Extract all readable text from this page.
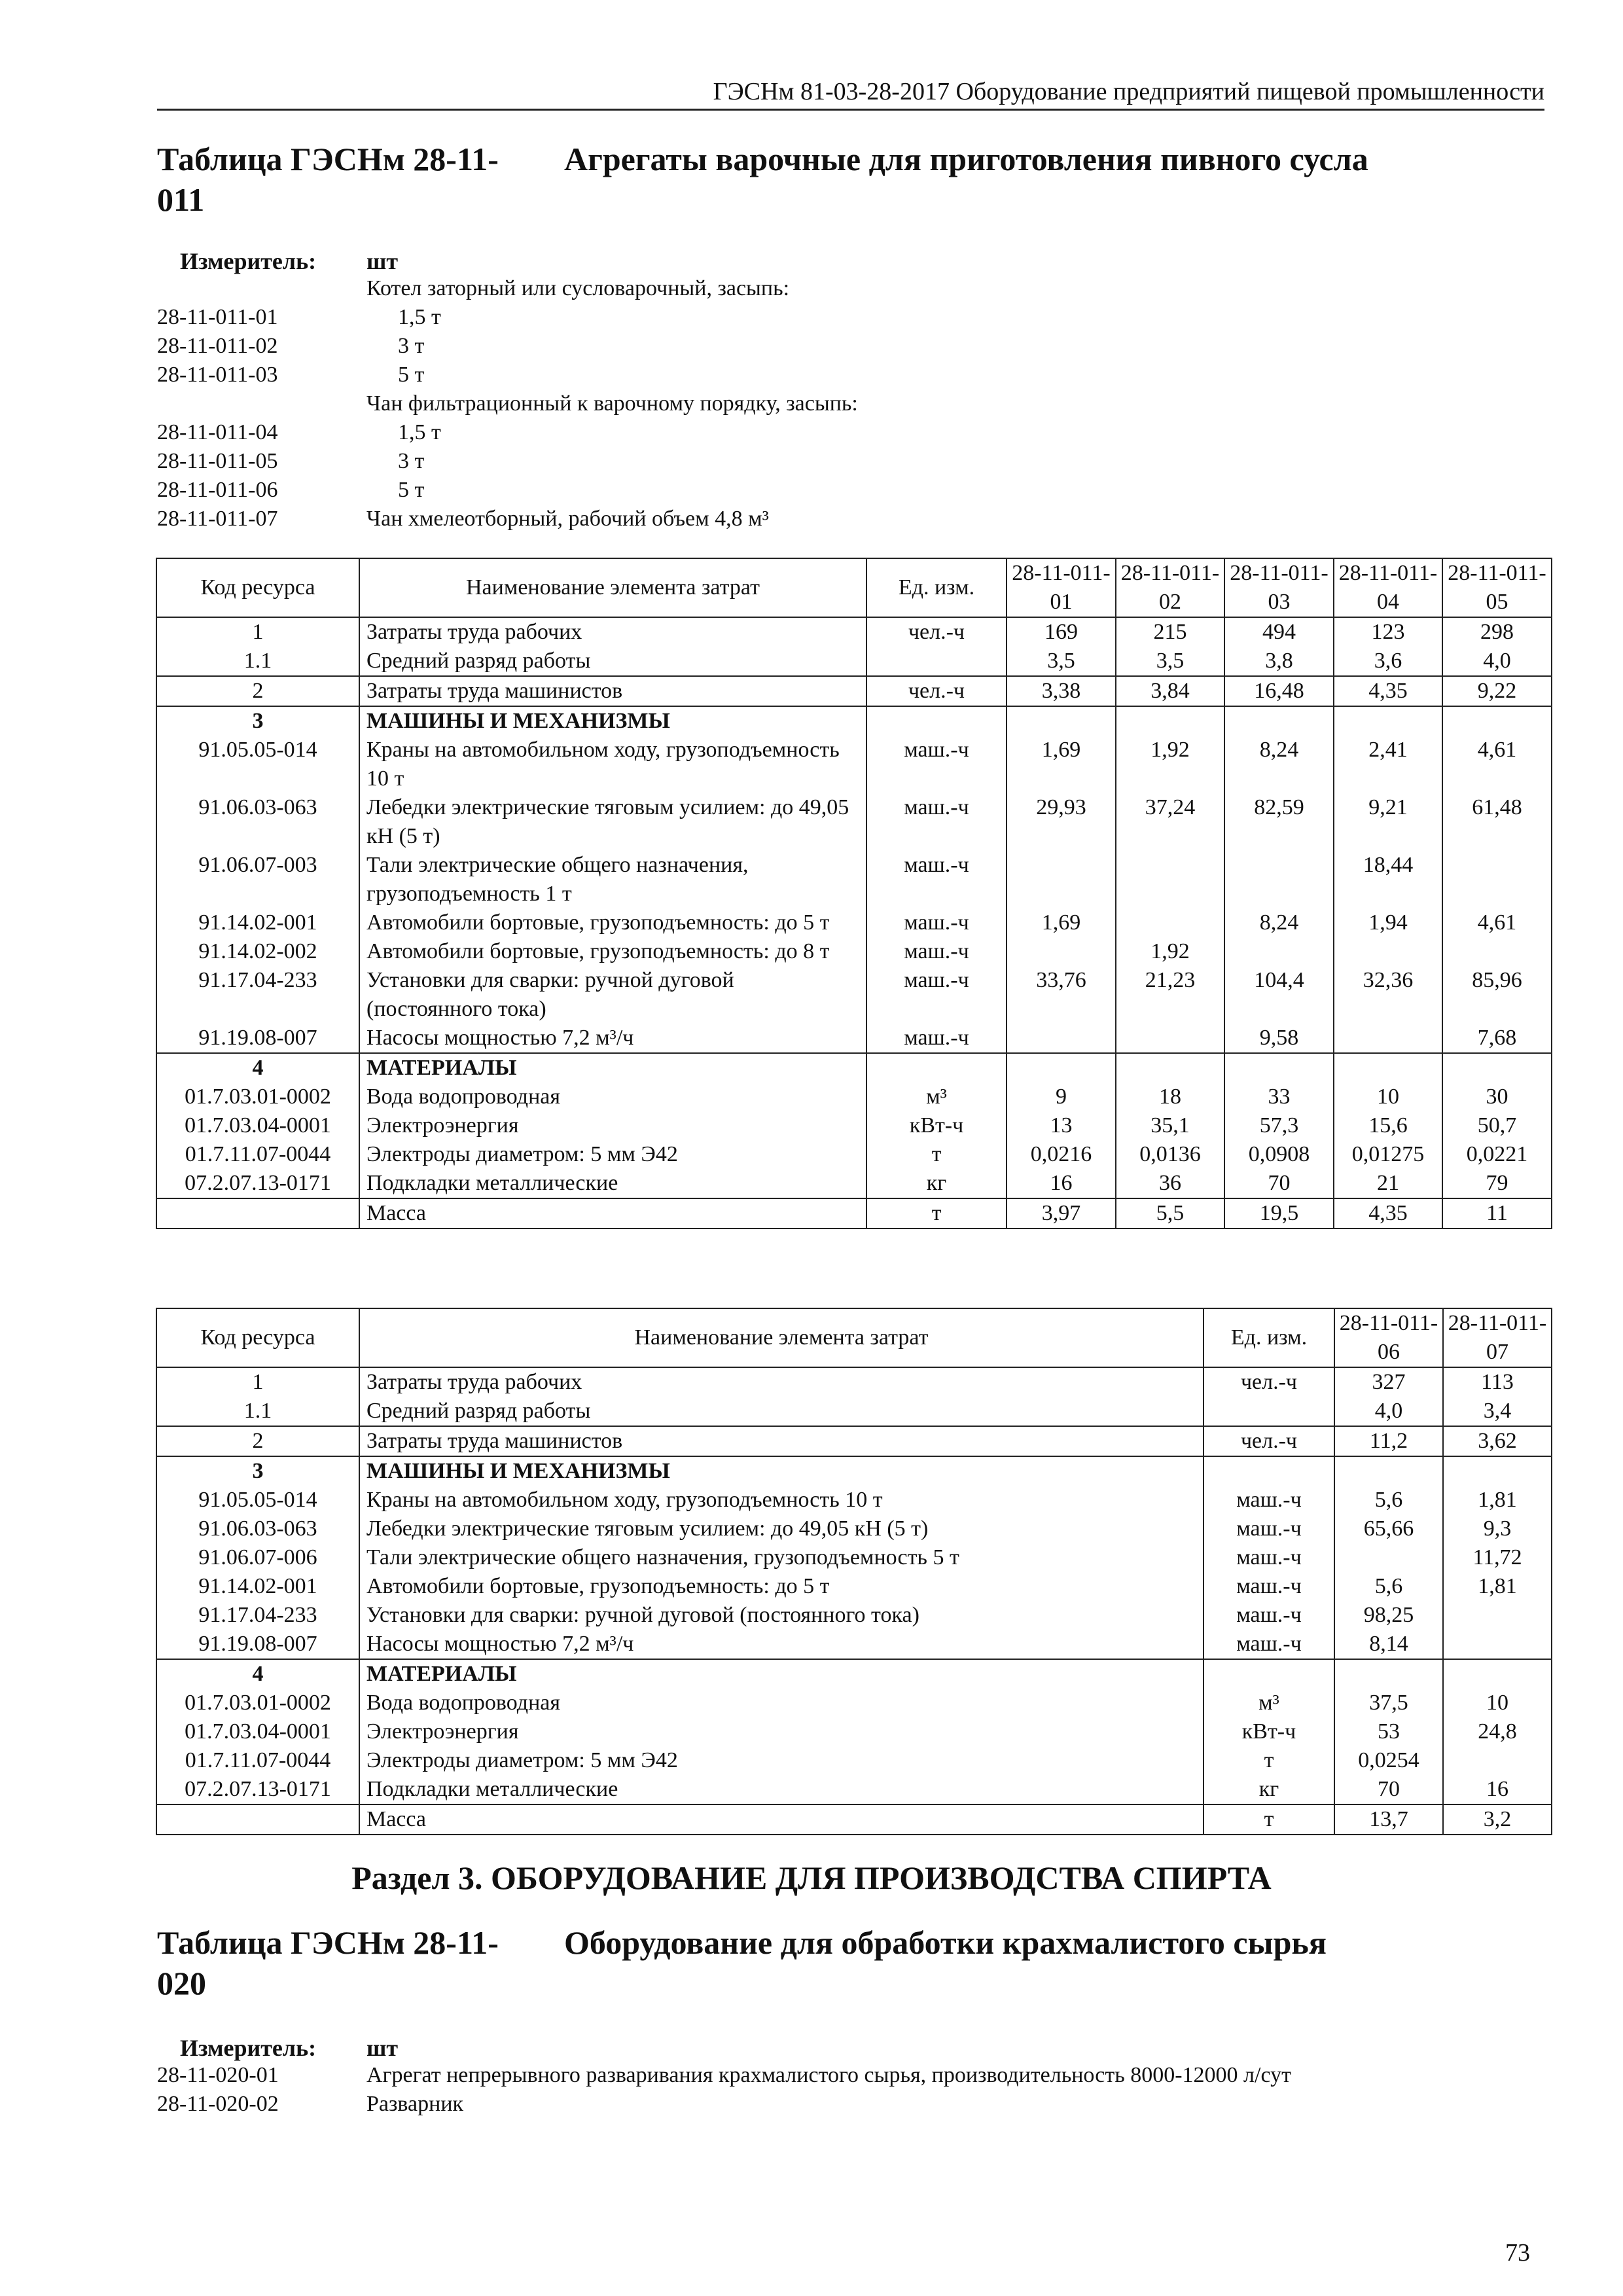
ГЭСНм 81-03-28-2017 Оборудование предприятий пищевой промышленности
Таблица ГЭСНм 28-11-
011
Агрегаты варочные для приготовления пивного сусла
Измеритель: шт
Котел заторный или сусловарочный, засыпь:
28-11-011-01	1,5 т
28-11-011-02	3 т
28-11-011-03	5 т
Чан фильтрационный к варочному порядку, засыпь:
28-11-011-04	1,5 т
28-11-011-05	3 т
28-11-011-06	5 т
28-11-011-07	Чан хмелеотборный, рабочий объем 4,8 м³
Код ресурса	Наименование элемента затрат	Ед. изм.	28-11-011-01	28-11-011-02	28-11-011-03	28-11-011-04	28-11-011-05
1	Затраты труда рабочих	чел.-ч	169	215	494	123	298
1.1	Средний разряд работы		3,5	3,5	3,8	3,6	4,0
2	Затраты труда машинистов	чел.-ч	3,38	3,84	16,48	4,35	9,22
3	МАШИНЫ И МЕХАНИЗМЫ						
91.05.05-014	Краны на автомобильном ходу, грузоподъемность 10 т	маш.-ч	1,69	1,92	8,24	2,41	4,61
91.06.03-063	Лебедки электрические тяговым усилием: до 49,05 кН (5 т)	маш.-ч	29,93	37,24	82,59	9,21	61,48
91.06.07-003	Тали электрические общего назначения, грузоподъемность 1 т	маш.-ч				18,44	
91.14.02-001	Автомобили бортовые, грузоподъемность: до 5 т	маш.-ч	1,69		8,24	1,94	4,61
91.14.02-002	Автомобили бортовые, грузоподъемность: до 8 т	маш.-ч		1,92			
91.17.04-233	Установки для сварки: ручной дуговой (постоянного тока)	маш.-ч	33,76	21,23	104,4	32,36	85,96
91.19.08-007	Насосы мощностью 7,2 м³/ч	маш.-ч			9,58		7,68
4	МАТЕРИАЛЫ						
01.7.03.01-0002	Вода водопроводная	м³	9	18	33	10	30
01.7.03.04-0001	Электроэнергия	кВт-ч	13	35,1	57,3	15,6	50,7
01.7.11.07-0044	Электроды диаметром: 5 мм Э42	т	0,0216	0,0136	0,0908	0,01275	0,0221
07.2.07.13-0171	Подкладки металлические	кг	16	36	70	21	79
	Масса	т	3,97	5,5	19,5	4,35	11
Код ресурса	Наименование элемента затрат	Ед. изм.	28-11-011-06	28-11-011-07
1	Затраты труда рабочих	чел.-ч	327	113
1.1	Средний разряд работы		4,0	3,4
2	Затраты труда машинистов	чел.-ч	11,2	3,62
3	МАШИНЫ И МЕХАНИЗМЫ			
91.05.05-014	Краны на автомобильном ходу, грузоподъемность 10 т	маш.-ч	5,6	1,81
91.06.03-063	Лебедки электрические тяговым усилием: до 49,05 кН (5 т)	маш.-ч	65,66	9,3
91.06.07-006	Тали электрические общего назначения, грузоподъемность 5 т	маш.-ч		11,72
91.14.02-001	Автомобили бортовые, грузоподъемность: до 5 т	маш.-ч	5,6	1,81
91.17.04-233	Установки для сварки: ручной дуговой (постоянного тока)	маш.-ч	98,25	
91.19.08-007	Насосы мощностью 7,2 м³/ч	маш.-ч	8,14	
4	МАТЕРИАЛЫ			
01.7.03.01-0002	Вода водопроводная	м³	37,5	10
01.7.03.04-0001	Электроэнергия	кВт-ч	53	24,8
01.7.11.07-0044	Электроды диаметром: 5 мм Э42	т	0,0254	
07.2.07.13-0171	Подкладки металлические	кг	70	16
	Масса	т	13,7	3,2
Раздел 3. ОБОРУДОВАНИЕ ДЛЯ ПРОИЗВОДСТВА СПИРТА
Таблица ГЭСНм 28-11-
020
Оборудование для обработки крахмалистого сырья
Измеритель: шт
28-11-020-01	Агрегат непрерывного разваривания крахмалистого сырья, производительность 8000-12000 л/сут
28-11-020-02	Разварник
73
